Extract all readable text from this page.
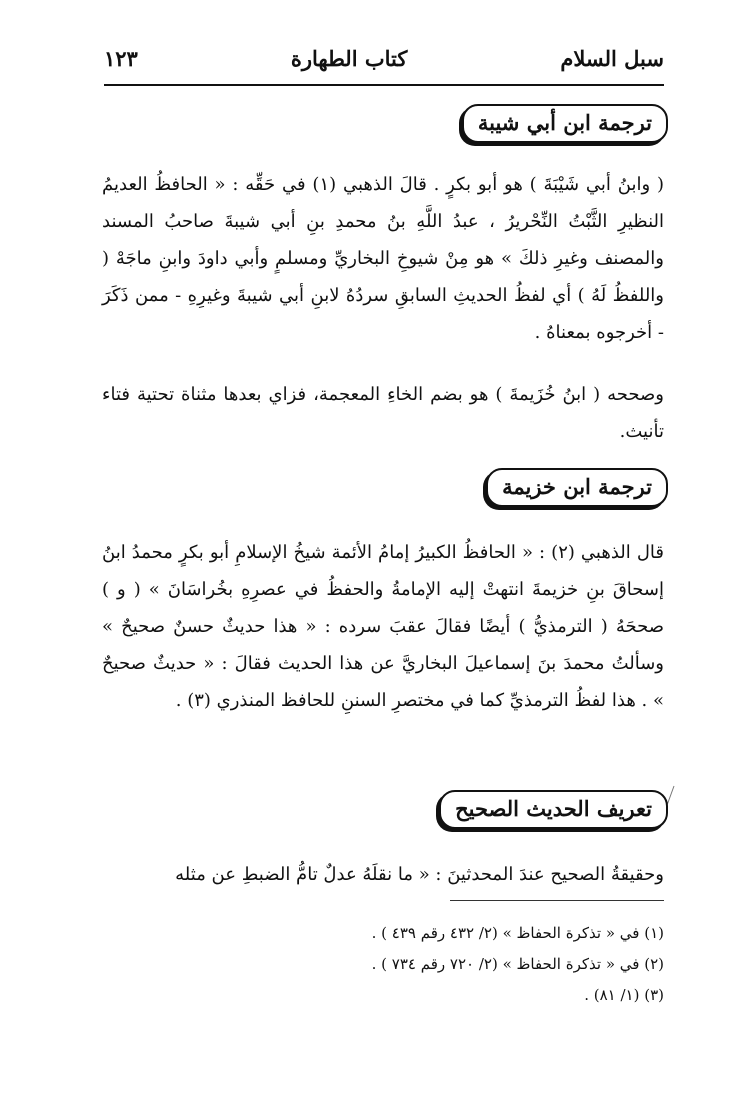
سبل السلام
كتاب الطهارة
١٢٣
ترجمة ابن أبي شيبة
( وابنُ أبي شَيْبَةَ ) هو أبو بكرٍ . قالَ الذهبي (١) في حَقِّه : « الحافظُ العديمُ النظيرِ الثَّبْتُ النِّحْريرُ ، عبدُ اللَّهِ بنُ محمدِ بنِ أبي شيبةَ صاحبُ المسند والمصنف وغيرِ ذلكَ » هو مِنْ شيوخِ البخاريِّ ومسلمٍ وأبي داودَ وابنِ ماجَهْ ( واللفظُ لَهُ ) أي لفظُ الحديثِ السابقِ سردُهُ لابنِ أبي شيبةَ وغيرِهِ - ممن ذَكَرَ - أخرجوه بمعناهُ .
وصححه ( ابنُ خُزَيمةَ ) هو بضم الخاءِ المعجمة، فزاي بعدها مثناة تحتية فتاء تأنيث.
ترجمة ابن خزيمة
قال الذهبي (٢) : « الحافظُ الكبيرُ إمامُ الأئمة شيخُ الإسلامِ أبو بكرٍ محمدُ ابنُ إسحاقَ بنِ خزيمةَ انتهتْ إليه الإمامةُ والحفظُ في عصرِهِ بخُراسَانَ » ( و ) صححَهُ ( الترمذيُّ ) أيضًا فقالَ عقبَ سرده : « هذا حديثٌ حسنٌ صحيحٌ » وسألتُ محمدَ بنَ إسماعيلَ البخاريَّ عن هذا الحديث فقالَ : « حديثٌ صحيحٌ » . هذا لفظُ الترمذيِّ كما في مختصرِ السننِ للحافظ المنذري (٣) .
تعريف الحديث الصحيح
وحقيقةُ الصحيح عندَ المحدثينَ : « ما نقلَهُ عدلٌ تامُّ الضبطِ عن مثله
(١) في « تذكرة الحفاظ » (٢/ ٤٣٢ رقم ٤٣٩ ) .
(٢) في « تذكرة الحفاظ » (٢/ ٧٢٠ رقم ٧٣٤ ) .
(٣) (١/ ٨١) .
